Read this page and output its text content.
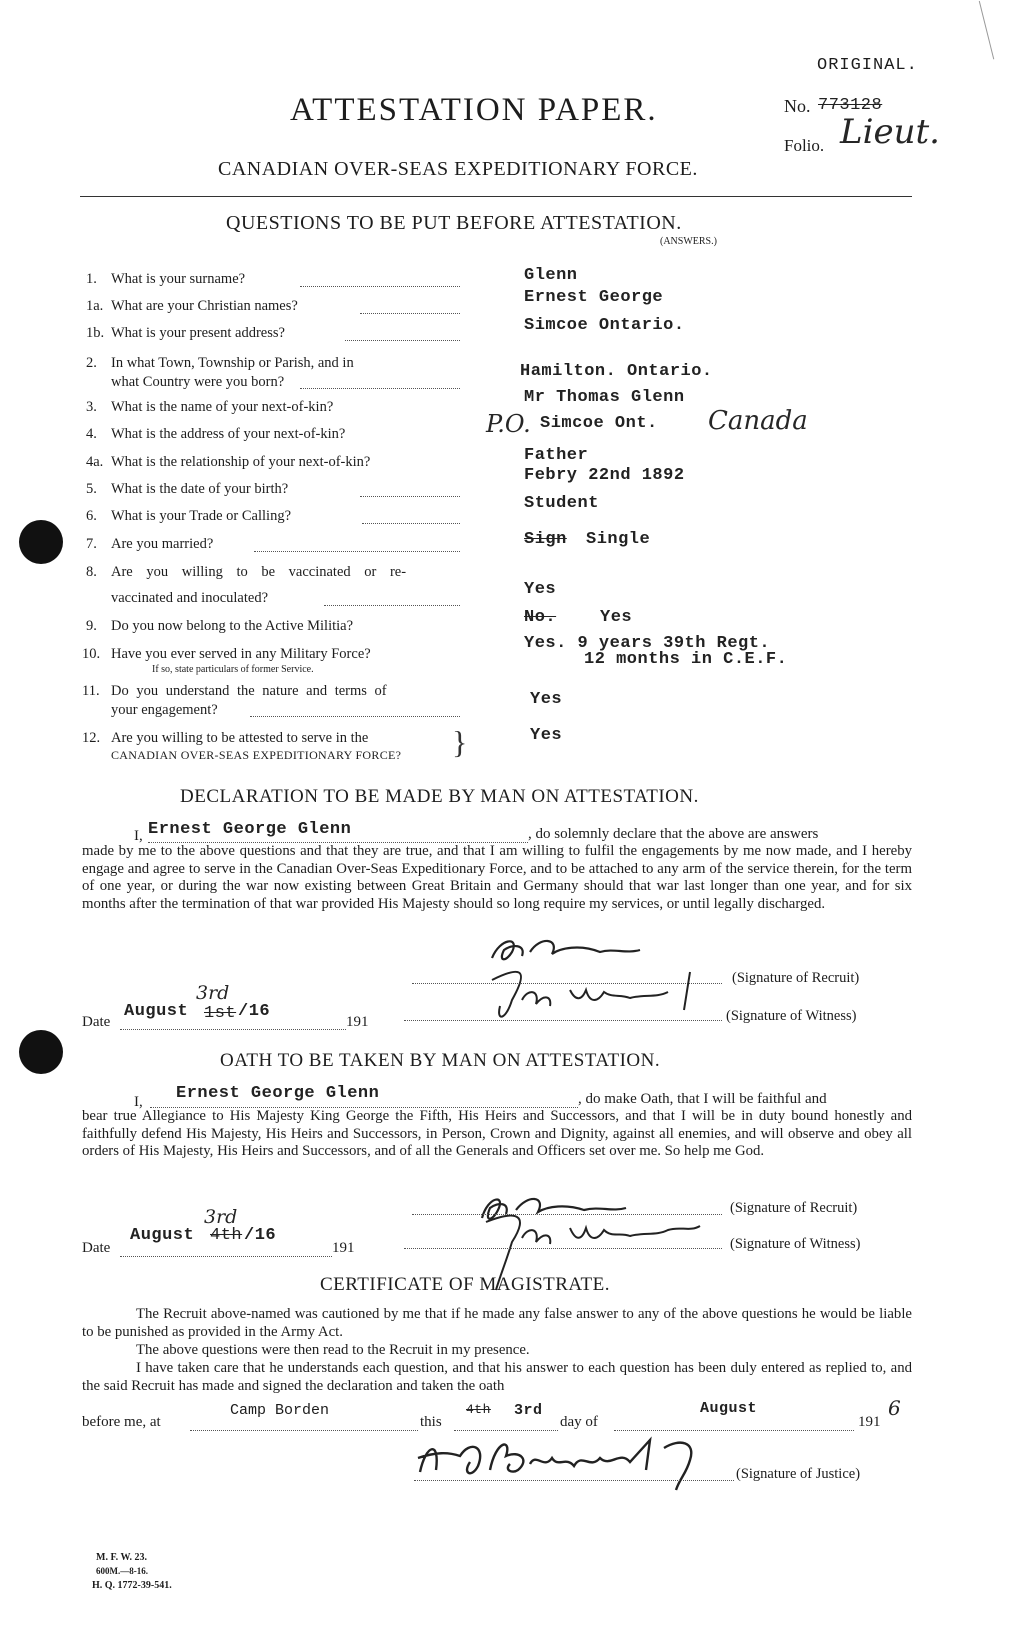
ORIGINAL.
ATTESTATION PAPER.	No. 773128
Folio. Lieut.
CANADIAN OVER-SEAS EXPEDITIONARY FORCE.
QUESTIONS TO BE PUT BEFORE ATTESTATION.
(ANSWERS.)
1. What is your surname?	Glenn
1a. What are your Christian names?	Ernest George
1b. What is your present address?	Simcoe Ontario.
2. In what Town, Township or Parish, and in
what Country were you born?
Hamilton. Ontario.
3. What is the name of your next-of-kin?	Mr Thomas Glenn
4. What is the address of your next-of-kin?	P.O. Simcoe Ont. Canada
4a. What is the relationship of your next-of-kin?	Father
5. What is the date of your birth?
Febry 22nd 1892
6. What is your Trade or Calling?
Student
7. Are you married?	Sign Single
8. Are you willing to be vaccinated or re-
vaccinated and inoculated?	Yes
9. Do you now belong to the Active Militia?	No.	Yes
10. Have you ever served in any Military Force?
If so, state particulars of former Service.
Yes. 9 years 39th Regt.
12 months in C.E.F.
11. Do you understand the nature and terms of
your engagement?
Yes
12. Are you willing to be attested to serve in the
CANADIAN OVER-SEAS EXPEDITIONARY FORCE? }	Yes
DECLARATION TO BE MADE BY MAN ON ATTESTATION.
I, Ernest George Glenn	, do solemnly declare that the above are answers
made by me to the above questions and that they are true, and that I am willing to fulfil the engagements by me now made, and I hereby engage and agree to serve in the Canadian Over-Seas Expeditionary Force, and to be attached to any arm of the service therein, for the term of one year, or during the war now existing between Great Britain and Germany should that war last longer than one year, and for six months after the termination of that war provided His Majesty should so long require my services, or until legally discharged.
(Signature of Recruit)
Date
August 1st
3rd
/16
191	(Signature of Witness)
OATH TO BE TAKEN BY MAN ON ATTESTATION.
I, Ernest George Glenn	, do make Oath, that I will be faithful and
bear true Allegiance to His Majesty King George the Fifth, His Heirs and Successors, and that I will be in duty bound honestly and faithfully defend His Majesty, His Heirs and Successors, in Person, Crown and Dignity, against all enemies, and will observe and obey all orders of His Majesty, His Heirs and Successors, and of all the Generals and Officers set over me. So help me God.
(Signature of Recruit)
Date
August 4th
3rd
/16
191	(Signature of Witness)
CERTIFICATE OF MAGISTRATE.
The Recruit above-named was cautioned by me that if he made any false answer to any of the above questions he would be liable to be punished as provided in the Army Act.
The above questions were then read to the Recruit in my presence.
I have taken care that he understands each question, and that his answer to each question has been duly entered as replied to, and the said Recruit has made and signed the declaration and taken the oath
before me, at
Camp Borden
this
4th 3rd
day of
August
191
6
(Signature of Justice)
M. F. W. 23.
600M.—8-16.
H. Q. 1772-39-541.
